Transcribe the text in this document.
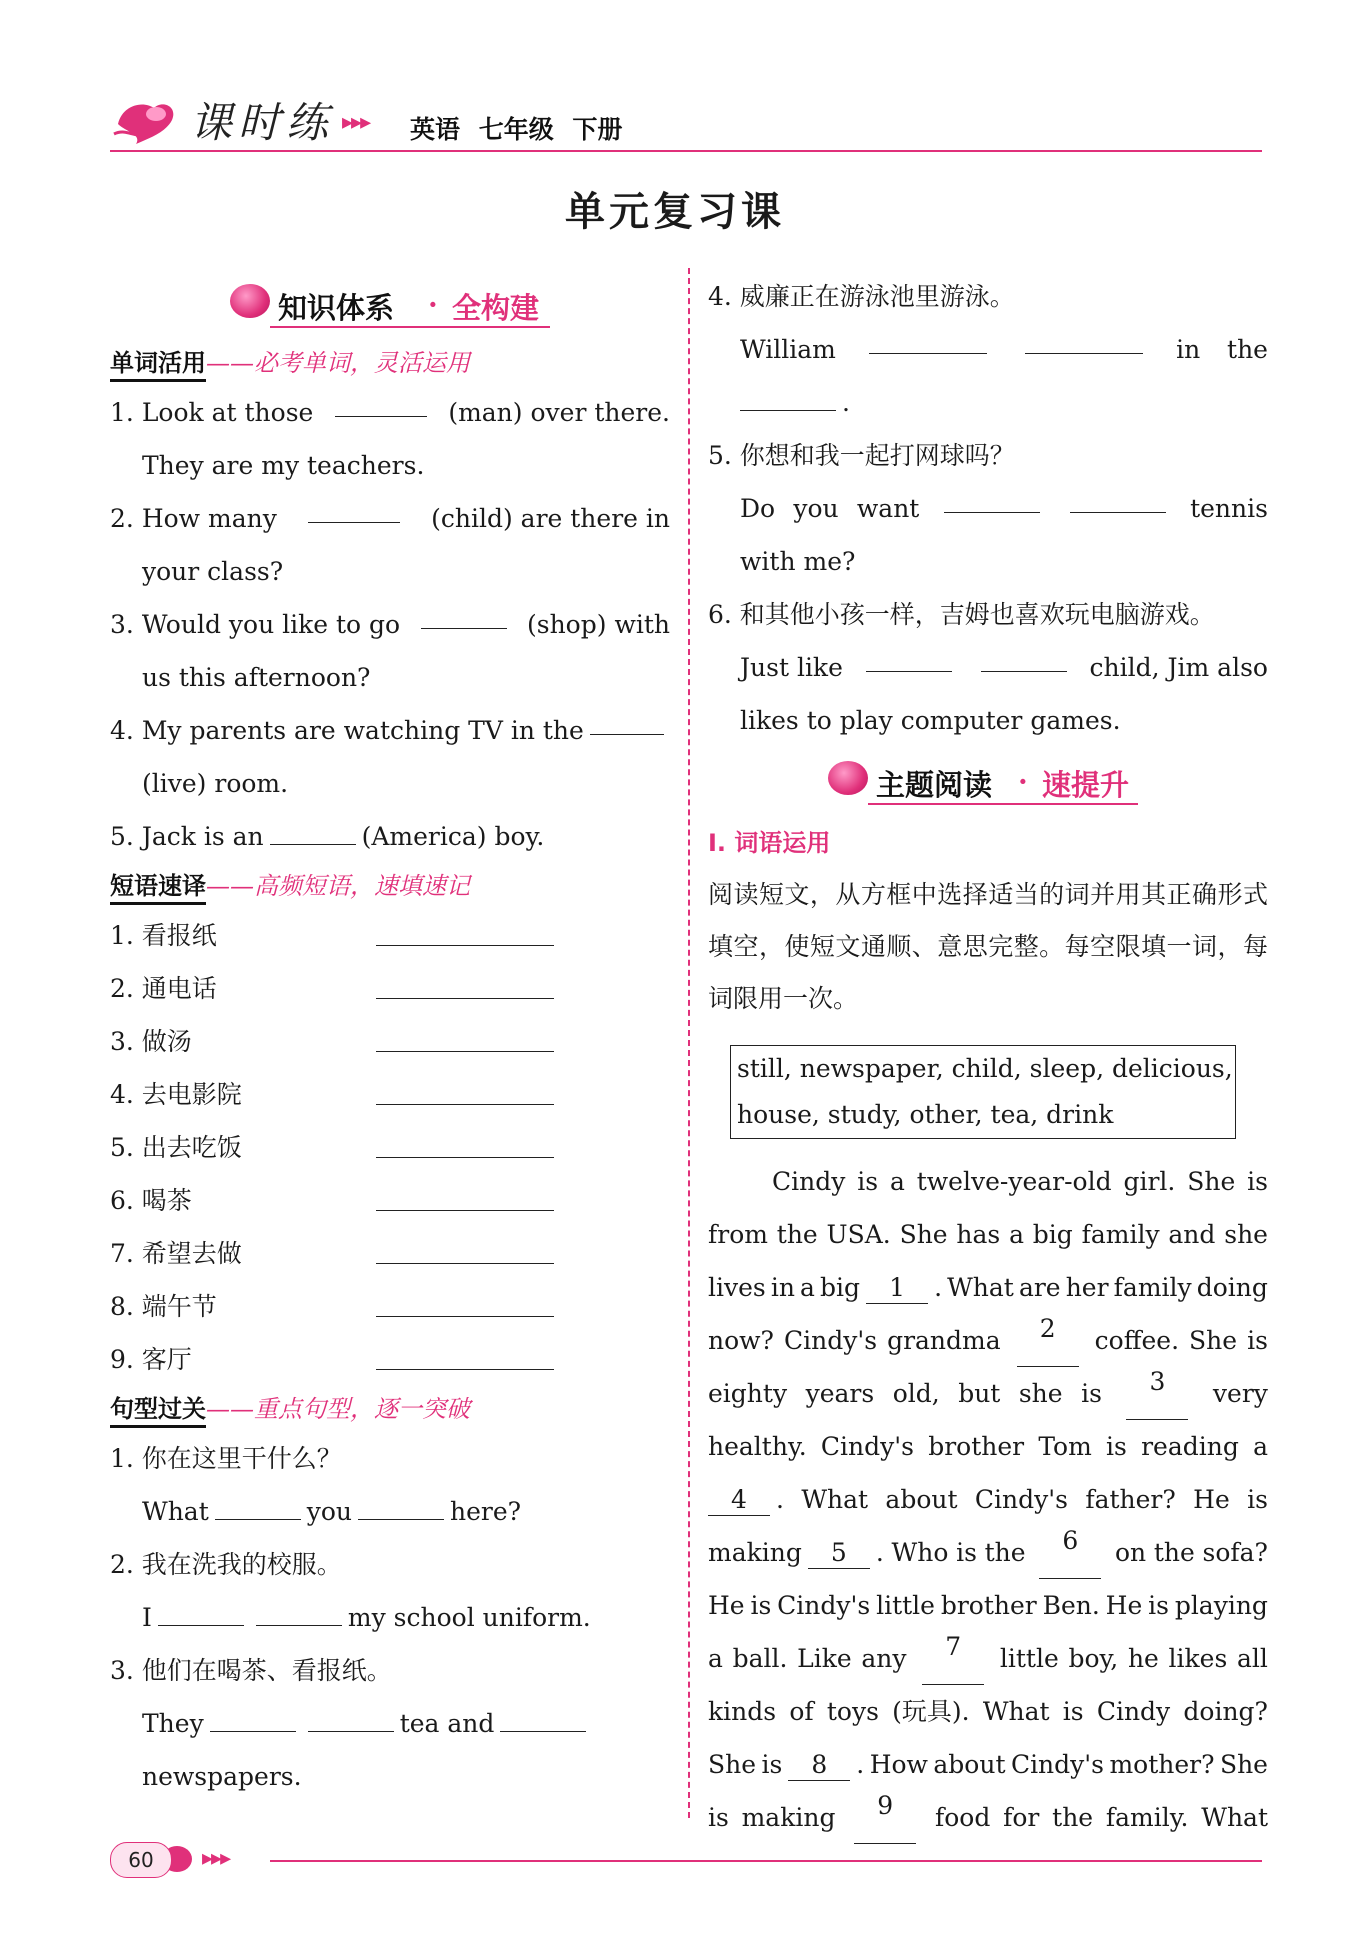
课时练 ▸▸▸ 英语 七年级 下册
单元复习课
知识体系 · 全构建
单词活用——必考单词，灵活运用
1. Look at those	(man) over there.
They are my teachers.
2. How many	(child) are there in
your class?
3. Would you like to go	(shop) with
us this afternoon?
4. My parents are watching TV in the
(live) room.
5. Jack is an	(America) boy.
短语速译——高频短语，速填速记
1. 看报纸
2. 通电话
3. 做汤
4. 去电影院
5. 出去吃饭
6. 喝茶
7. 希望去做
8. 端午节
9. 客厅
句型过关——重点句型，逐一突破
1. 你在这里干什么？
What	you	here?
2. 我在洗我的校服。
I	my school uniform.
3. 他们在喝茶、看报纸。
They	tea and
newspapers.
4. 威廉正在游泳池里游泳。
William	in the
.
5. 你想和我一起打网球吗？
Do you want	tennis
with me?
6. 和其他小孩一样，吉姆也喜欢玩电脑游戏。
Just like	child, Jim also
likes to play computer games.
主题阅读 · 速提升
Ⅰ. 词语运用
阅读短文，从方框中选择适当的词并用其正确形式填空，使短文通顺、意思完整。每空限填一词，每词限用一次。
still, newspaper, child, sleep, delicious,
house, study, other, tea, drink
Cindy is a twelve-year-old girl. She is
from the USA. She has a big family and she
lives in a big 1 . What are her family doing
now? Cindy's grandma	2	coffee. She is
eighty years old, but she is	3	very
healthy. Cindy's brother Tom is reading a
4 . What about Cindy's father? He is
making 5 . Who is the	6	on the sofa?
He is Cindy's little brother Ben. He is playing
a ball. Like any	7	little boy, he likes all
kinds of toys (玩具). What is Cindy doing?
She is 8 . How about Cindy's mother? She
is making	9	food for the family. What
60	▸▸▸
